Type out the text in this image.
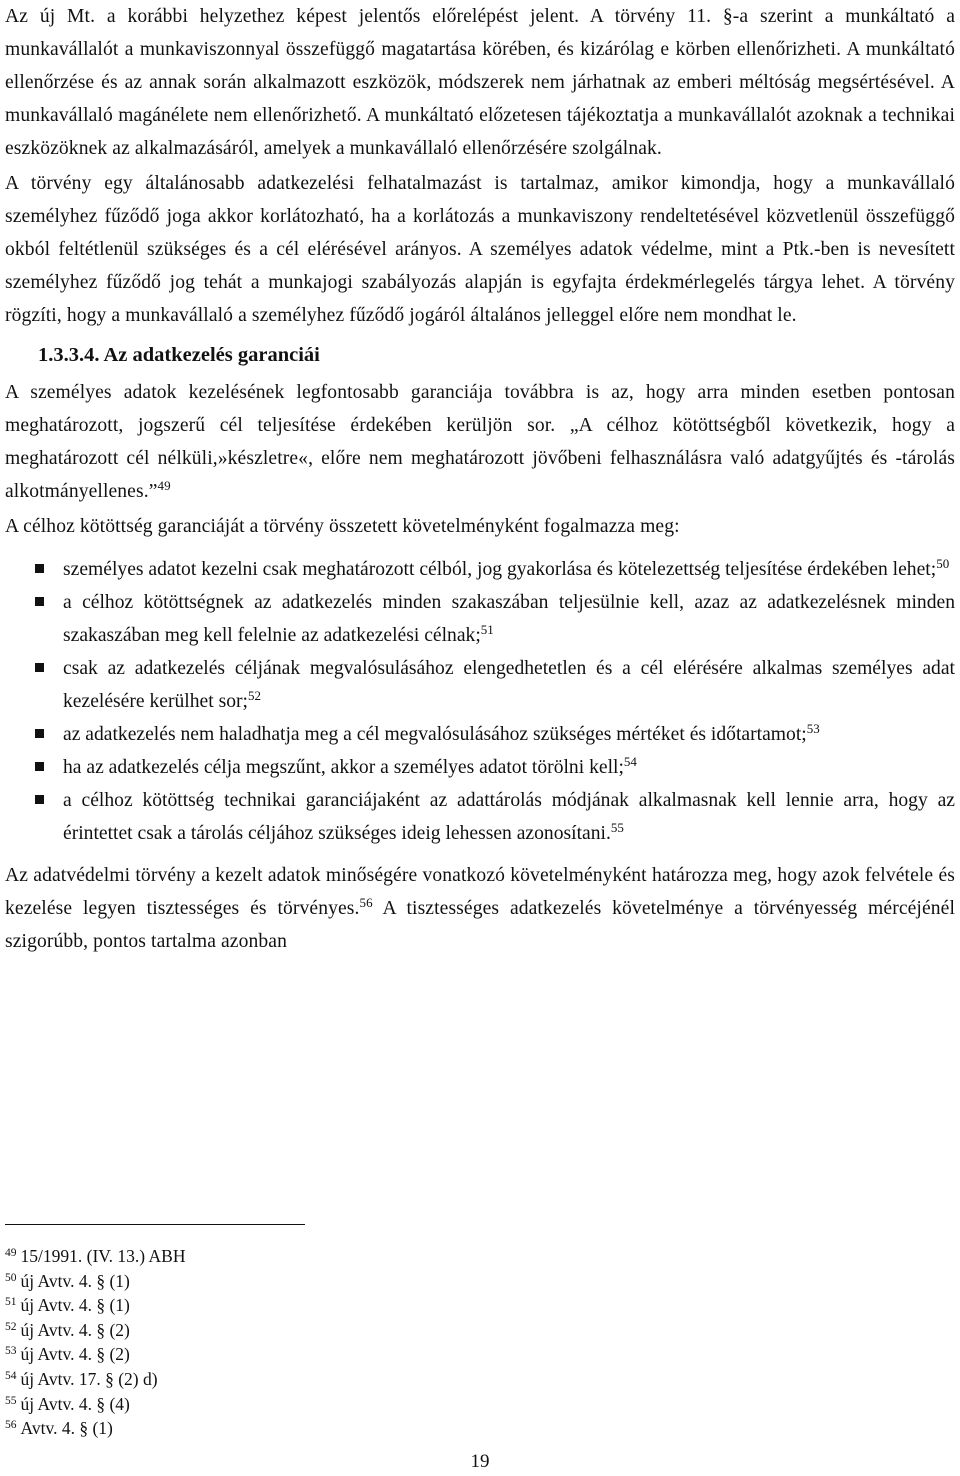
Az új Mt. a korábbi helyzethez képest jelentős előrelépést jelent. A törvény 11. §-a szerint a munkáltató a munkavállalót a munkaviszonnyal összefüggő magatartása körében, és kizárólag e körben ellenőrizheti. A munkáltató ellenőrzése és az annak során alkalmazott eszközök, módszerek nem járhatnak az emberi méltóság megsértésével. A munkavállaló magánélete nem ellenőrizhető. A munkáltató előzetesen tájékoztatja a munkavállalót azoknak a technikai eszközöknek az alkalmazásáról, amelyek a munkavállaló ellenőrzésére szolgálnak.

A törvény egy általánosabb adatkezelési felhatalmazást is tartalmaz, amikor kimondja, hogy a munkavállaló személyhez fűződő joga akkor korlátozható, ha a korlátozás a munkaviszony rendeltetésével közvetlenül összefüggő okból feltétlenül szükséges és a cél elérésével arányos. A személyes adatok védelme, mint a Ptk.-ben is nevesített személyhez fűződő jog tehát a munkajogi szabályozás alapján is egyfajta érdekmérlegelés tárgya lehet. A törvény rögzíti, hogy a munkavállaló a személyhez fűződő jogáról általános jelleggel előre nem mondhat le.

1.3.3.4. Az adatkezelés garanciái

A személyes adatok kezelésének legfontosabb garanciája továbbra is az, hogy arra minden esetben pontosan meghatározott, jogszerű cél teljesítése érdekében kerüljön sor. „A célhoz kötöttségből következik, hogy a meghatározott cél nélküli,»készletre«, előre nem meghatározott jövőbeni felhasználásra való adatgyűjtés és -tárolás alkotmányellenes.”$^{49}$

A célhoz kötöttség garanciáját a törvény összetett követelményként fogalmazza meg:

személyes adatot kezelni csak meghatározott célból, jog gyakorlása és kötelezettség teljesítése érdekében lehet;$^{50}$
a célhoz kötöttségnek az adatkezelés minden szakaszában teljesülnie kell, azaz az adatkezelésnek minden szakaszában meg kell felelnie az adatkezelési célnak;$^{51}$
csak az adatkezelés céljának megvalósulásához elengedhetetlen és a cél elérésére alkalmas személyes adat kezelésére kerülhet sor;$^{52}$
az adatkezelés nem haladhatja meg a cél megvalósulásához szükséges mértéket és időtartamot;$^{53}$
ha az adatkezelés célja megszűnt, akkor a személyes adatot törölni kell;$^{54}$
a célhoz kötöttség technikai garanciájaként az adattárolás módjának alkalmasnak kell lennie arra, hogy az érintettet csak a tárolás céljához szükséges ideig lehessen azonosítani.$^{55}$

Az adatvédelmi törvény a kezelt adatok minőségére vonatkozó követelményként határozza meg, hogy azok felvétele és kezelése legyen tisztességes és törvényes.$^{56}$ A tisztességes adatkezelés követelménye a törvényesség mércéjénél szigorúbb, pontos tartalma azonban

$^{49}$ 15/1991. (IV. 13.) ABH
$^{50}$ új Avtv. 4. § (1)
$^{51}$ új Avtv. 4. § (1)
$^{52}$ új Avtv. 4. § (2)
$^{53}$ új Avtv. 4. § (2)
$^{54}$ új Avtv. 17. § (2) d)
$^{55}$ új Avtv. 4. § (4)
$^{56}$ Avtv. 4. § (1)
19
